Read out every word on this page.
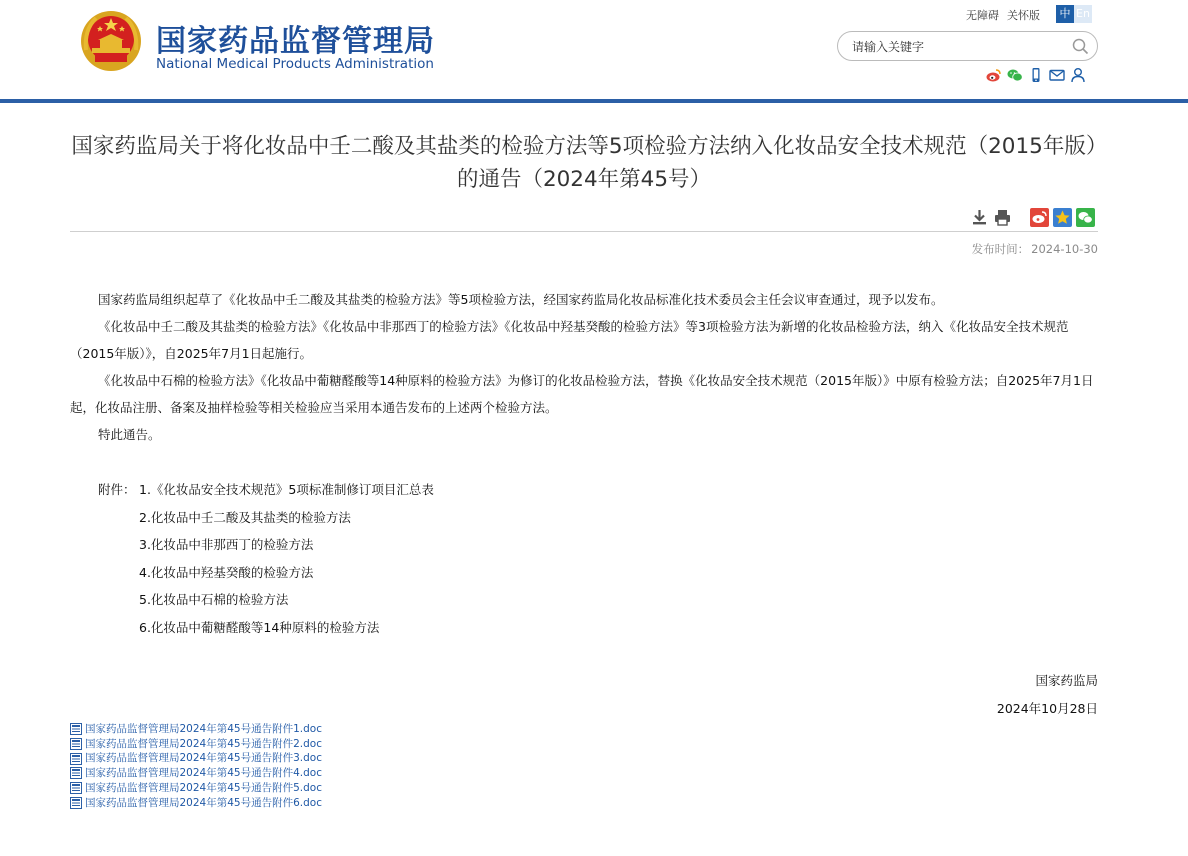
国家药品监督管理局
National Medical Products Administration
无障碍 关怀版	中 En
请输入关键字
国家药监局关于将化妆品中壬二酸及其盐类的检验方法等5项检验方法纳入化妆品安全技术规范（2015年版）的通告（2024年第45号）
发布时间： 2024-10-30

国家药监局组织起草了《化妆品中壬二酸及其盐类的检验方法》等5项检验方法，经国家药监局化妆品标准化技术委员会主任会议审查通过，现予以发布。

《化妆品中壬二酸及其盐类的检验方法》《化妆品中非那西丁的检验方法》《化妆品中羟基癸酸的检验方法》等3项检验方法为新增的化妆品检验方法，纳入《化妆品安全技术规范（2015年版）》，自2025年7月1日起施行。

《化妆品中石棉的检验方法》《化妆品中葡糖醛酸等14种原料的检验方法》为修订的化妆品检验方法，替换《化妆品安全技术规范（2015年版）》中原有检验方法；自2025年7月1日起，化妆品注册、备案及抽样检验等相关检验应当采用本通告发布的上述两个检验方法。

特此通告。

附件： 1.《化妆品安全技术规范》5项标准制修订项目汇总表
2.化妆品中壬二酸及其盐类的检验方法
3.化妆品中非那西丁的检验方法
4.化妆品中羟基癸酸的检验方法
5.化妆品中石棉的检验方法
6.化妆品中葡糖醛酸等14种原料的检验方法
国家药监局
2024年10月28日
国家药品监督管理局2024年第45号通告附件1.doc
国家药品监督管理局2024年第45号通告附件2.doc
国家药品监督管理局2024年第45号通告附件3.doc
国家药品监督管理局2024年第45号通告附件4.doc
国家药品监督管理局2024年第45号通告附件5.doc
国家药品监督管理局2024年第45号通告附件6.doc
